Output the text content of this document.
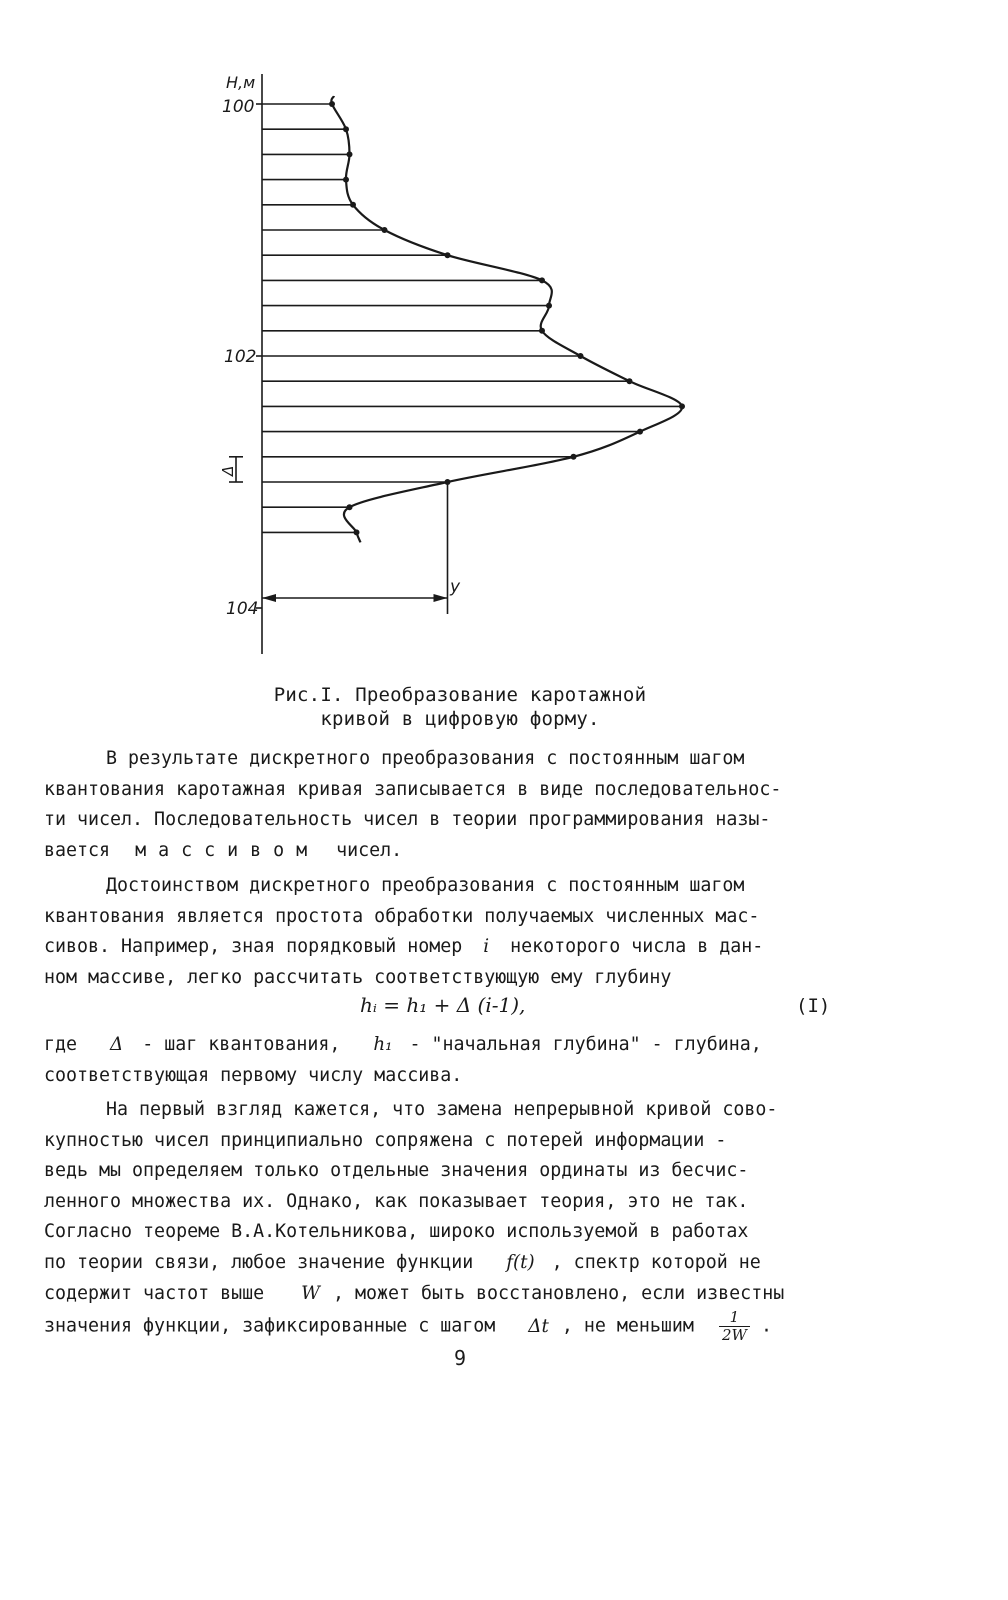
H,м
100
102
104
Δ
y
Рис.I. Преобразование каротажной
кривой в цифровую форму.
В результате дискретного преобразования с постоянным шагом
квантования каротажная кривая записывается в виде последовательнос-
ти чисел. Последовательность чисел в теории программирования назы-
вается массивом чисел.
Достоинством дискретного преобразования с постоянным шагом
квантования является простота обработки получаемых численных мас-
сивов. Например, зная порядковый номер i некоторого числа в дан-
ном массиве, легко рассчитать соответствующую ему глубину
hᵢ = h₁ + Δ (i-1),	(I)
где Δ - шаг квантования, h₁ - "начальная глубина" - глубина,
соответствующая первому числу массива.
На первый взгляд кажется, что замена непрерывной кривой сово-
купностью чисел принципиально сопряжена с потерей информации -
ведь мы определяем только отдельные значения ординаты из бесчис-
ленного множества их. Однако, как показывает теория, это не так.
Согласно теореме В.А.Котельникова, широко используемой в работах
по теории связи, любое значение функции f(t) , спектр которой не
содержит частот выше W , может быть восстановлено, если известны
значения функции, зафиксированные с шагом Δt , не меньшим $\frac{1}{2W}$ .
9
